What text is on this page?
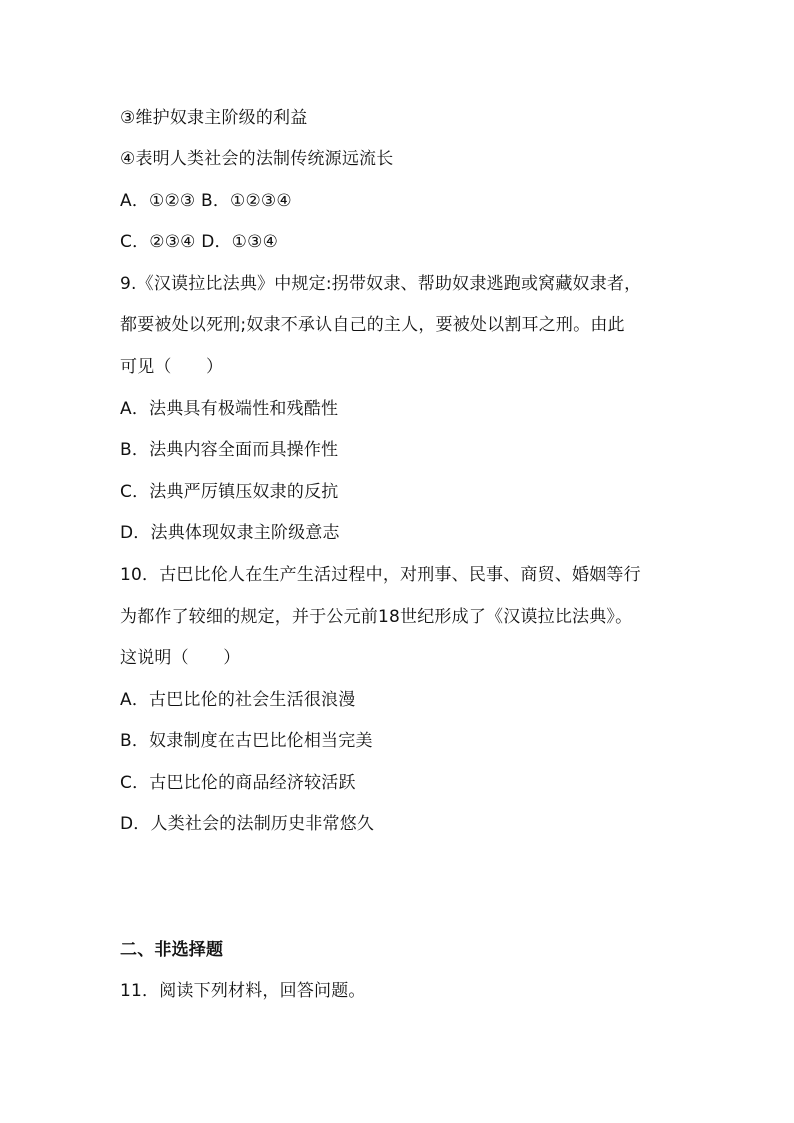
③维护奴隶主阶级的利益
④表明人类社会的法制传统源远流长
A．①②③ B．①②③④
C．②③④ D．①③④
9.《汉谟拉比法典》中规定:拐带奴隶、帮助奴隶逃跑或窝藏奴隶者，
都要被处以死刑;奴隶不承认自己的主人，要被处以割耳之刑。由此
可见（　　）
A．法典具有极端性和残酷性
B．法典内容全面而具操作性
C．法典严厉镇压奴隶的反抗
D．法典体现奴隶主阶级意志
10．古巴比伦人在生产生活过程中，对刑事、民事、商贸、婚姻等行
为都作了较细的规定，并于公元前18世纪形成了《汉谟拉比法典》。
这说明（　　）
A．古巴比伦的社会生活很浪漫
B．奴隶制度在古巴比伦相当完美
C．古巴比伦的商品经济较活跃
D．人类社会的法制历史非常悠久
二、非选择题
11．阅读下列材料，回答问题。
